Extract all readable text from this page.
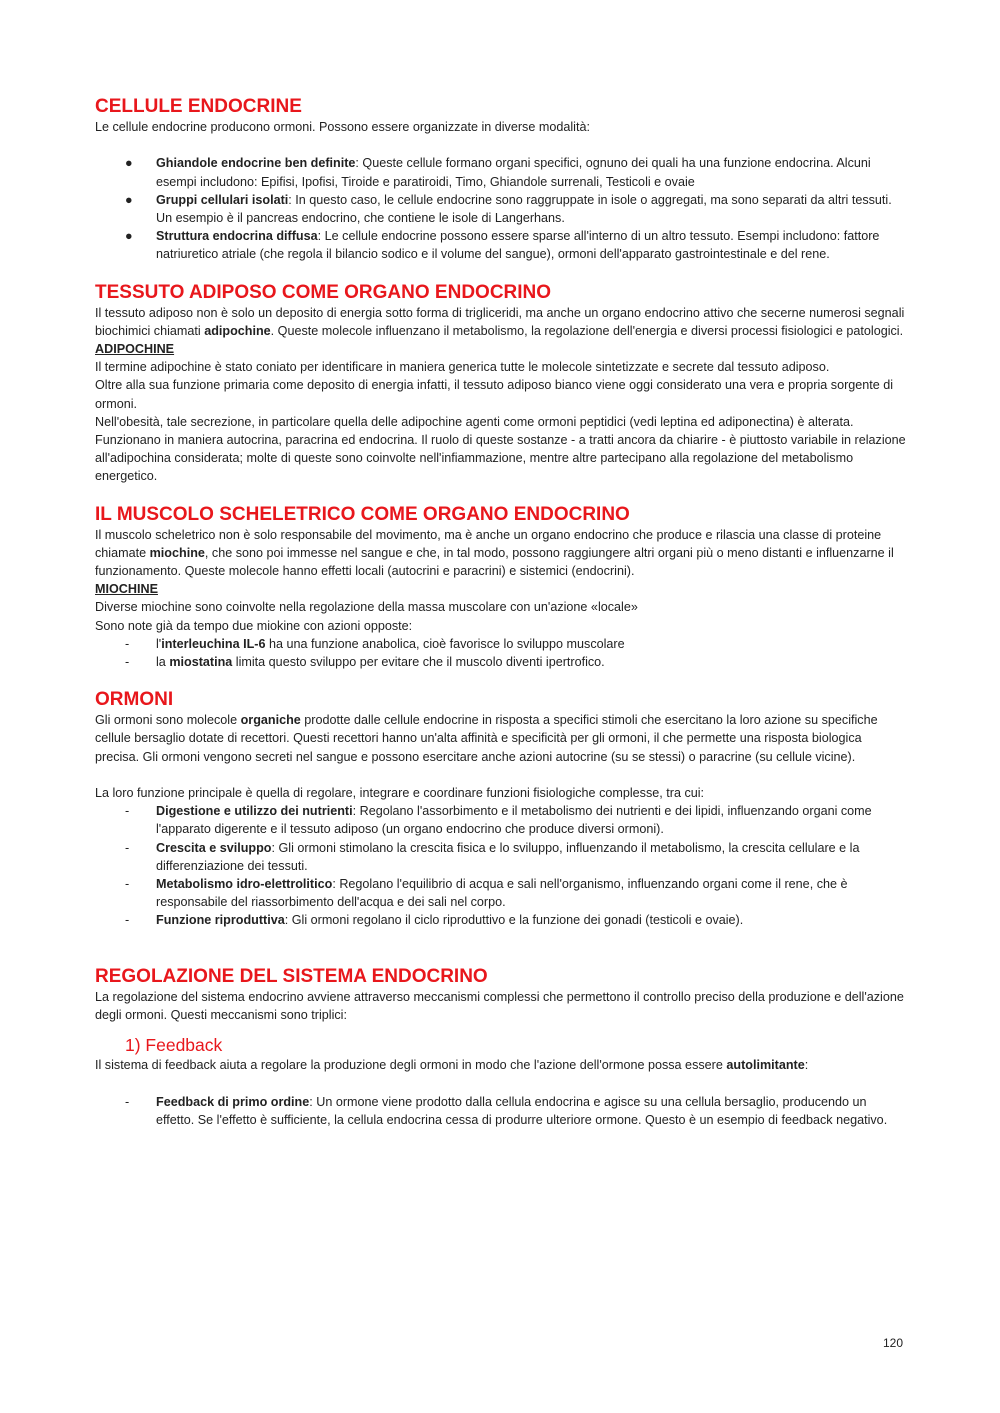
CELLULE ENDOCRINE

Le cellule endocrine producono ormoni. Possono essere organizzate in diverse modalità:

● Ghiandole endocrine ben definite: Queste cellule formano organi specifici, ognuno dei quali ha una funzione endocrina. Alcuni esempi includono: Epifisi, Ipofisi, Tiroide e paratiroidi, Timo, Ghiandole surrenali, Testicoli e ovaie
● Gruppi cellulari isolati: In questo caso, le cellule endocrine sono raggruppate in isole o aggregati, ma sono separati da altri tessuti. Un esempio è il pancreas endocrino, che contiene le isole di Langerhans.
● Struttura endocrina diffusa: Le cellule endocrine possono essere sparse all'interno di un altro tessuto. Esempi includono: fattore natriuretico atriale (che regola il bilancio sodico e il volume del sangue), ormoni dell'apparato gastrointestinale e del rene.
TESSUTO ADIPOSO COME ORGANO ENDOCRINO

Il tessuto adiposo non è solo un deposito di energia sotto forma di trigliceridi, ma anche un organo endocrino attivo che secerne numerosi segnali biochimici chiamati adipochine. Queste molecole influenzano il metabolismo, la regolazione dell'energia e diversi processi fisiologici e patologici.

ADIPOCHINE

Il termine adipochine è stato coniato per identificare in maniera generica tutte le molecole sintetizzate e secrete dal tessuto adiposo.

Oltre alla sua funzione primaria come deposito di energia infatti, il tessuto adiposo bianco viene oggi considerato una vera e propria sorgente di ormoni.

Nell'obesità, tale secrezione, in particolare quella delle adipochine agenti come ormoni peptidici (vedi leptina ed adiponectina) è alterata.

Funzionano in maniera autocrina, paracrina ed endocrina. Il ruolo di queste sostanze - a tratti ancora da chiarire - è piuttosto variabile in relazione all'adipochina considerata; molte di queste sono coinvolte nell'infiammazione, mentre altre partecipano alla regolazione del metabolismo energetico.

IL MUSCOLO SCHELETRICO COME ORGANO ENDOCRINO

Il muscolo scheletrico non è solo responsabile del movimento, ma è anche un organo endocrino che produce e rilascia una classe di proteine chiamate miochine, che sono poi immesse nel sangue e che, in tal modo, possono raggiungere altri organi più o meno distanti e influenzarne il funzionamento. Queste molecole hanno effetti locali (autocrini e paracrini) e sistemici (endocrini).

MIOCHINE

Diverse miochine sono coinvolte nella regolazione della massa muscolare con un'azione «locale»

Sono note già da tempo due miokine con azioni opposte:

- l'interleuchina IL-6 ha una funzione anabolica, cioè favorisce lo sviluppo muscolare
- la miostatina limita questo sviluppo per evitare che il muscolo diventi ipertrofico.
ORMONI

Gli ormoni sono molecole organiche prodotte dalle cellule endocrine in risposta a specifici stimoli che esercitano la loro azione su specifiche cellule bersaglio dotate di recettori. Questi recettori hanno un'alta affinità e specificità per gli ormoni, il che permette una risposta biologica precisa. Gli ormoni vengono secreti nel sangue e possono esercitare anche azioni autocrine (su se stessi) o paracrine (su cellule vicine).

La loro funzione principale è quella di regolare, integrare e coordinare funzioni fisiologiche complesse, tra cui:

- Digestione e utilizzo dei nutrienti: Regolano l'assorbimento e il metabolismo dei nutrienti e dei lipidi, influenzando organi come l'apparato digerente e il tessuto adiposo (un organo endocrino che produce diversi ormoni).
- Crescita e sviluppo: Gli ormoni stimolano la crescita fisica e lo sviluppo, influenzando il metabolismo, la crescita cellulare e la differenziazione dei tessuti.
- Metabolismo idro-elettrolitico: Regolano l'equilibrio di acqua e sali nell'organismo, influenzando organi come il rene, che è responsabile del riassorbimento dell'acqua e dei sali nel corpo.
- Funzione riproduttiva: Gli ormoni regolano il ciclo riproduttivo e la funzione dei gonadi (testicoli e ovaie).
REGOLAZIONE DEL SISTEMA ENDOCRINO

La regolazione del sistema endocrino avviene attraverso meccanismi complessi che permettono il controllo preciso della produzione e dell'azione degli ormoni. Questi meccanismi sono triplici:

1) Feedback

Il sistema di feedback aiuta a regolare la produzione degli ormoni in modo che l'azione dell'ormone possa essere autolimitante:

- Feedback di primo ordine: Un ormone viene prodotto dalla cellula endocrina e agisce su una cellula bersaglio, producendo un effetto. Se l'effetto è sufficiente, la cellula endocrina cessa di produrre ulteriore ormone. Questo è un esempio di feedback negativo.
120
